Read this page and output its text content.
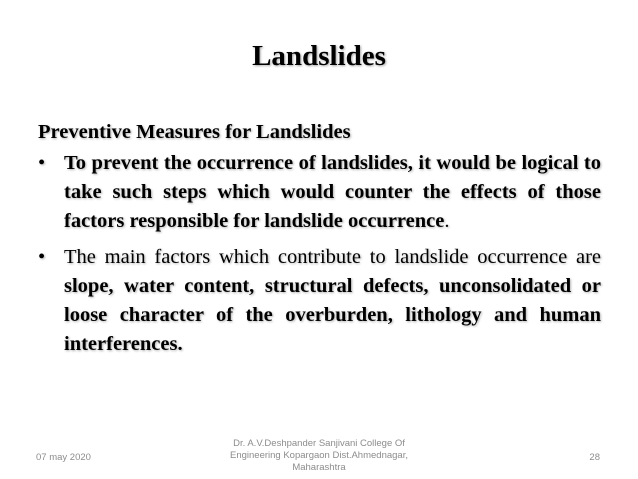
Landslides

Preventive Measures for Landslides

• To prevent the occurrence of landslides, it would be logical to take such steps which would counter the effects of those factors responsible for landslide occurrence.
• The main factors which contribute to landslide occurrence are slope, water content, structural defects, unconsolidated or loose character of the overburden, lithology and human interferences.
07 may 2020
Dr. A.V.Deshpander Sanjivani College Of
Engineering Kopargaon Dist.Ahmednagar,
Maharashtra
28
